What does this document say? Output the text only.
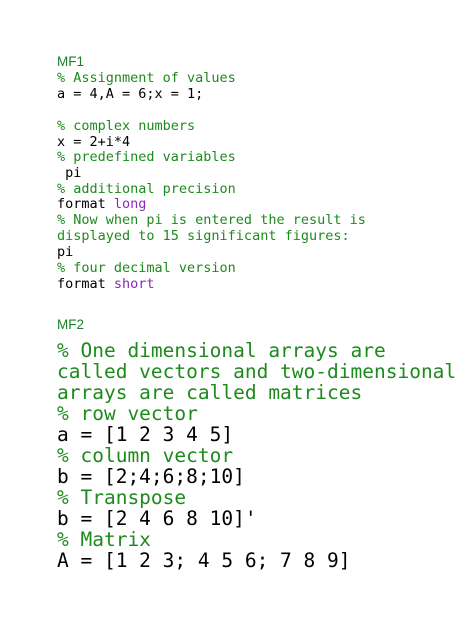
MF1
% Assignment of values
a = 4,A = 6;x = 1;
% complex numbers
x = 2+i*4
% predefined variables
pi
% additional precision
format long
% Now when pi is entered the result is
displayed to 15 significant figures:
pi
% four decimal version
format short
MF2
% One dimensional arrays are
called vectors and two-dimensional
arrays are called matrices
% row vector
a = [1 2 3 4 5]
% column vector
b = [2;4;6;8;10]
% Transpose
b = [2 4 6 8 10]'
% Matrix
A = [1 2 3; 4 5 6; 7 8 9]
